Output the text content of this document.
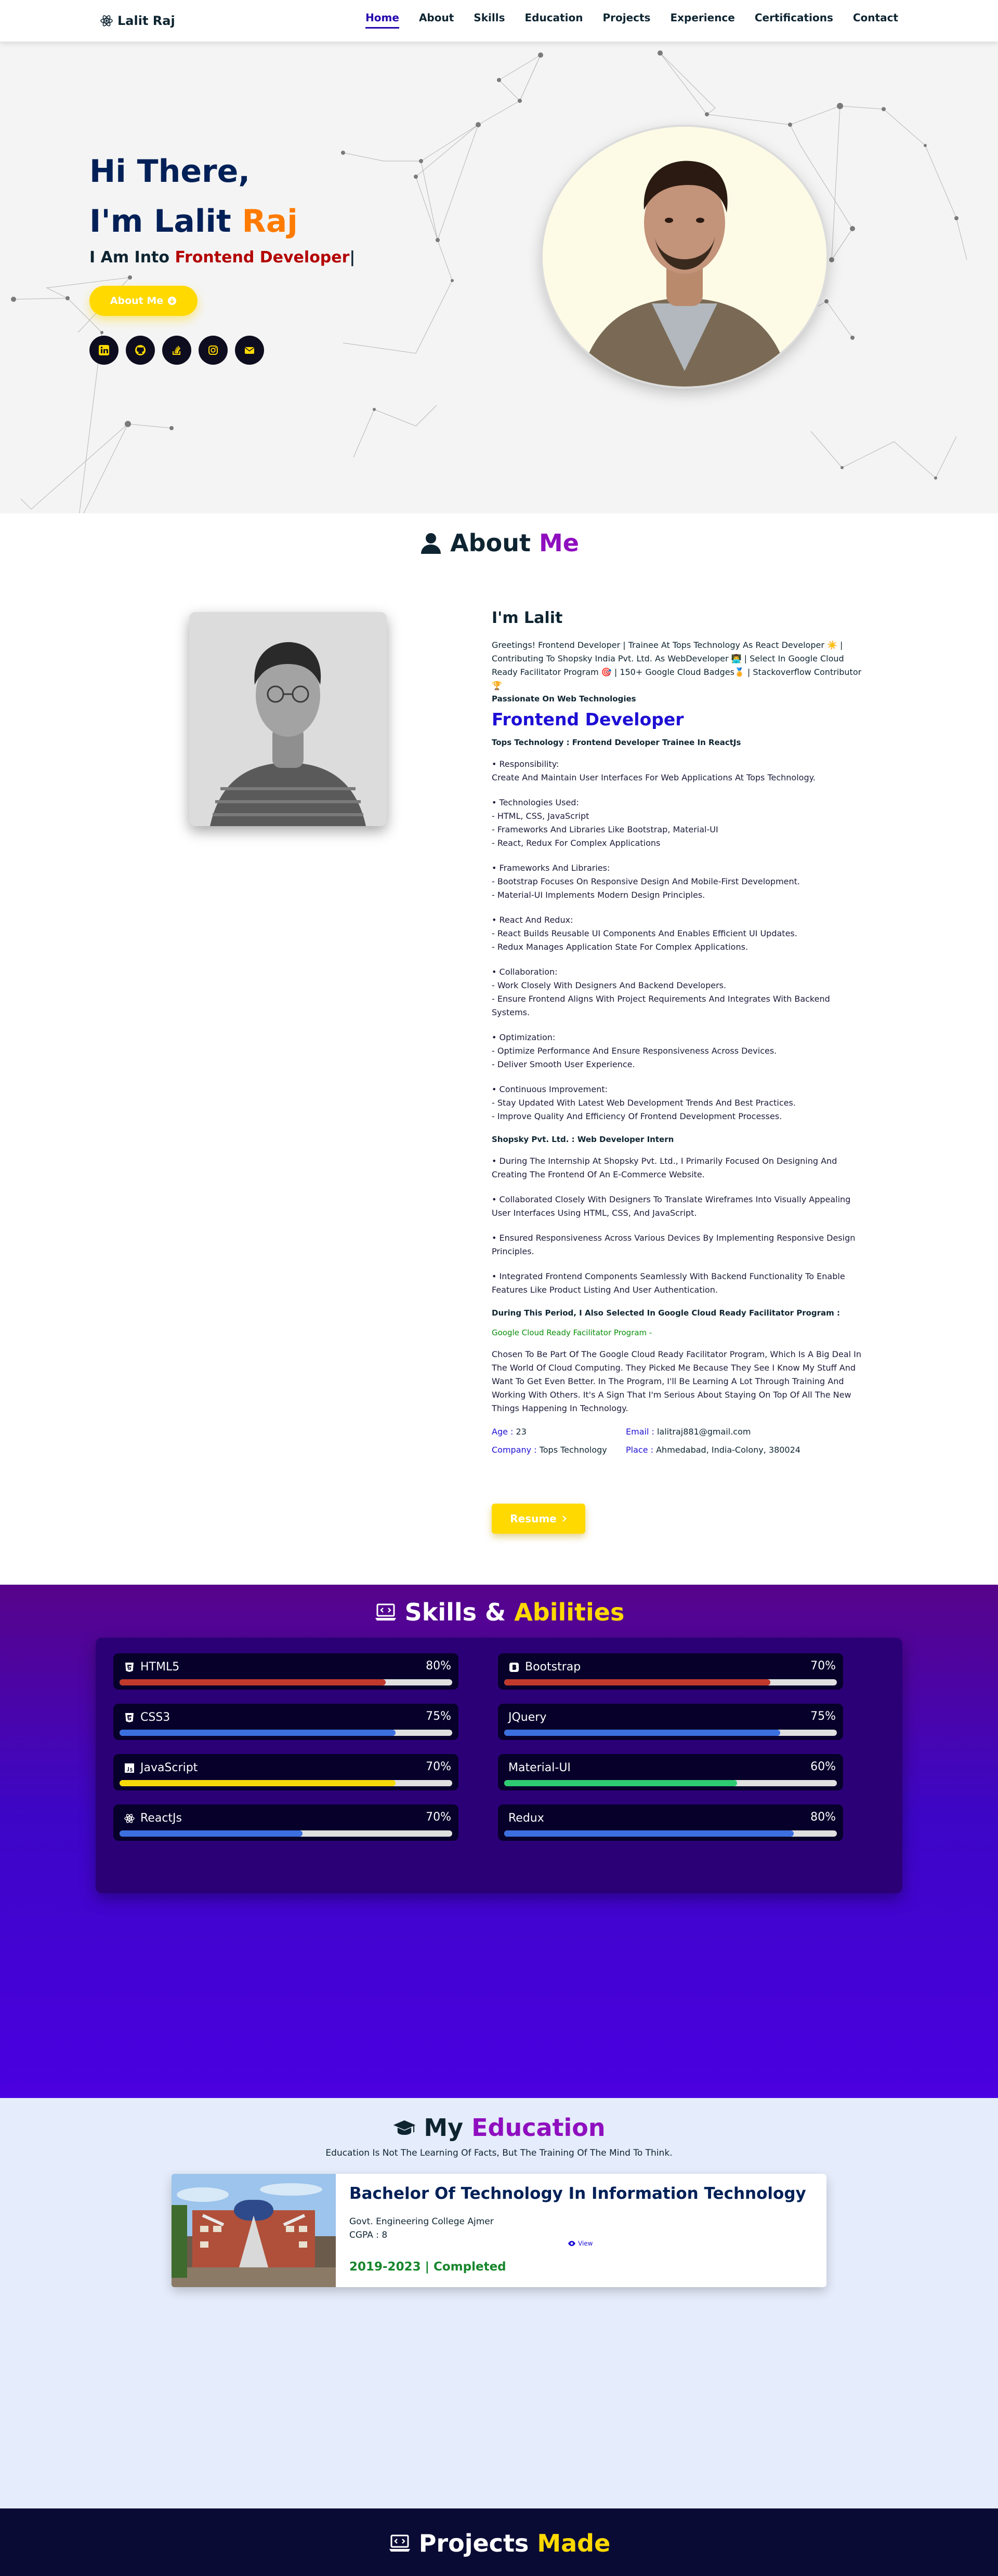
Lalit Raj	Home About Skills Education Projects Experience Certifications Contact
Hi There,
I'm Lalit Raj
I Am Into Frontend Developer|
About Me
About Me
I'm Lalit

Greetings! Frontend Developer | Trainee At Tops Technology As React Developer ☀️ | Contributing To Shopsky India Pvt. Ltd. As WebDeveloper 👨‍💻 | Select In Google Cloud Ready Facilitator Program 🎯 | 150+ Google Cloud Badges🏅 | Stackoverflow Contributor 🏆

Passionate On Web Technologies

Frontend Developer

Tops Technology : Frontend Developer Trainee In ReactJs

• Responsibility:
Create And Maintain User Interfaces For Web Applications At Tops Technology.

• Technologies Used:
- HTML, CSS, JavaScript
- Frameworks And Libraries Like Bootstrap, Material-UI
- React, Redux For Complex Applications

• Frameworks And Libraries:
- Bootstrap Focuses On Responsive Design And Mobile-First Development.
- Material-UI Implements Modern Design Principles.

• React And Redux:
- React Builds Reusable UI Components And Enables Efficient UI Updates.
- Redux Manages Application State For Complex Applications.

• Collaboration:
- Work Closely With Designers And Backend Developers.
- Ensure Frontend Aligns With Project Requirements And Integrates With Backend Systems.

• Optimization:
- Optimize Performance And Ensure Responsiveness Across Devices.
- Deliver Smooth User Experience.

• Continuous Improvement:
- Stay Updated With Latest Web Development Trends And Best Practices.
- Improve Quality And Efficiency Of Frontend Development Processes.

Shopsky Pvt. Ltd. : Web Developer Intern

• During The Internship At Shopsky Pvt. Ltd., I Primarily Focused On Designing And Creating The Frontend Of An E-Commerce Website.

• Collaborated Closely With Designers To Translate Wireframes Into Visually Appealing User Interfaces Using HTML, CSS, And JavaScript.

• Ensured Responsiveness Across Various Devices By Implementing Responsive Design Principles.

• Integrated Frontend Components Seamlessly With Backend Functionality To Enable Features Like Product Listing And User Authentication.

During This Period, I Also Selected In Google Cloud Ready Facilitator Program :

Google Cloud Ready Facilitator Program -

Chosen To Be Part Of The Google Cloud Ready Facilitator Program, Which Is A Big Deal In The World Of Cloud Computing. They Picked Me Because They See I Know My Stuff And Want To Get Even Better. In The Program, I'll Be Learning A Lot Through Training And Working With Others. It's A Sign That I'm Serious About Staying On Top Of All The New Things Happening In Technology.

Age : 23	Email : lalitraj881@gmail.com
Company : Tops Technology	Place : Ahmedabad, India-Colony, 380024
Resume
Skills & Abilities
HTML5	80%	Bootstrap	70%
CSS3	75%	JQuery	75%
JavaScript	70%	Material-UI	60%
ReactJs	70%	Redux	80%
My Education

Education Is Not The Learning Of Facts, But The Training Of The Mind To Think.

Bachelor Of Technology In Information Technology

Govt. Engineering College Ajmer

CGPA : 8

View

2019-2023 | Completed

Projects Made
